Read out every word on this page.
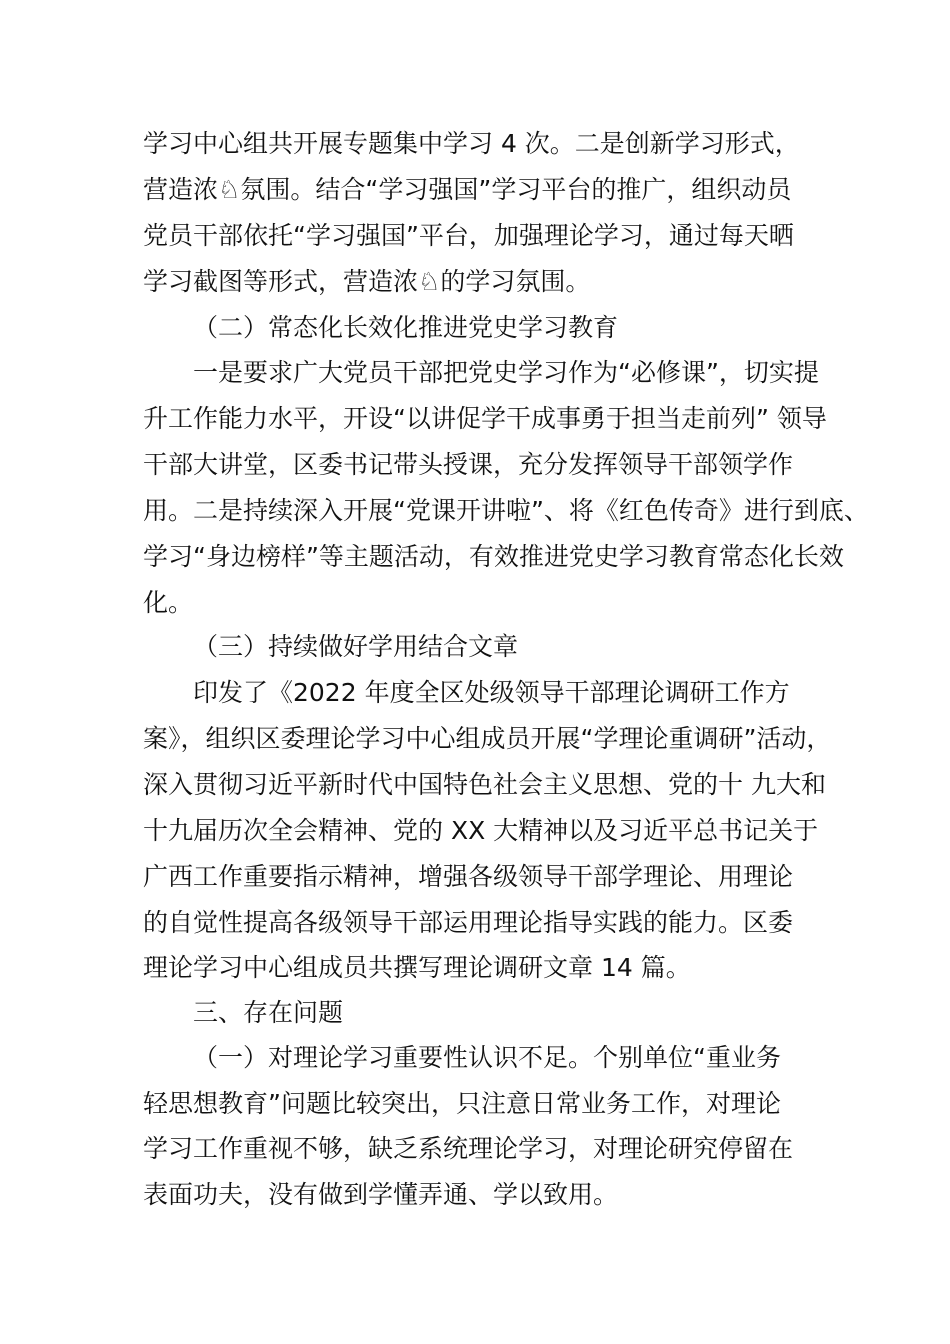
学习中心组共开展专题集中学习 4 次。二是创新学习形式，
营造浓♘氛围。结合“学习强国”学习平台的推广，组织动员
党员干部依托“学习强国”平台，加强理论学习，通过每天晒
学习截图等形式，营造浓♘的学习氛围。
（二）常态化长效化推进党史学习教育
一是要求广大党员干部把党史学习作为“必修课”，切实提
升工作能力水平，开设“以讲促学干成事勇于担当走前列” 领导
干部大讲堂，区委书记带头授课，充分发挥领导干部领学作
用。二是持续深入开展“党课开讲啦”、将《红色传奇》进行到底、
学习“身边榜样”等主题活动，有效推进党史学习教育常态化长效
化。
（三）持续做好学用结合文章
印发了《2022 年度全区处级领导干部理论调研工作方
案》，组织区委理论学习中心组成员开展“学理论重调研”活动，
深入贯彻习近平新时代中国特色社会主义思想、党的十 九大和
十九届历次全会精神、党的 XX 大精神以及习近平总书记关于
广西工作重要指示精神，增强各级领导干部学理论、用理论
的自觉性提高各级领导干部运用理论指导实践的能力。区委
理论学习中心组成员共撰写理论调研文章 14 篇。
三、存在问题
（一）对理论学习重要性认识不足。个别单位“重业务
轻思想教育”问题比较突出，只注意日常业务工作，对理论
学习工作重视不够，缺乏系统理论学习，对理论研究停留在
表面功夫，没有做到学懂弄通、学以致用。
